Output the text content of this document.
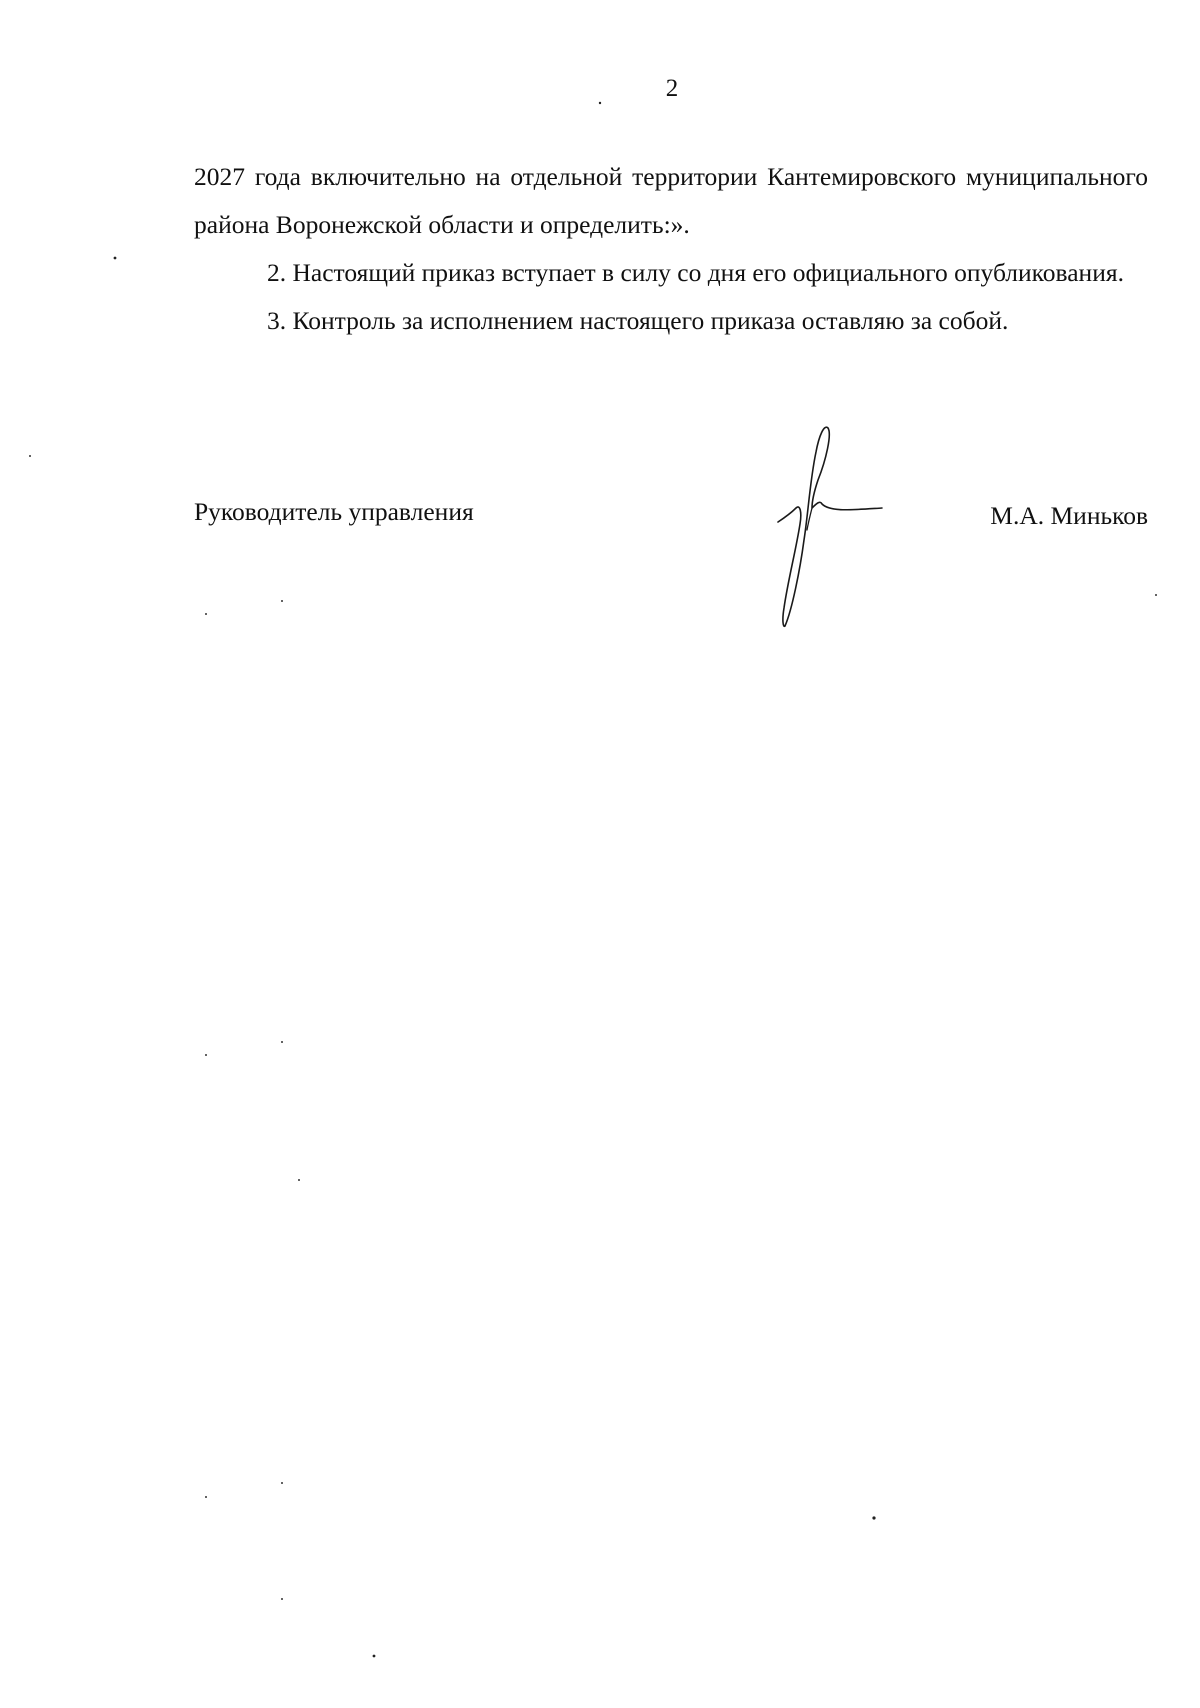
2

2027 года включительно на отдельной территории Кантемировского муниципального района Воронежской области и определить:».

2. Настоящий приказ вступает в силу со дня его официального опубликования.

3. Контроль за исполнением настоящего приказа оставляю за собой.

Руководитель управления	М.А. Миньков
